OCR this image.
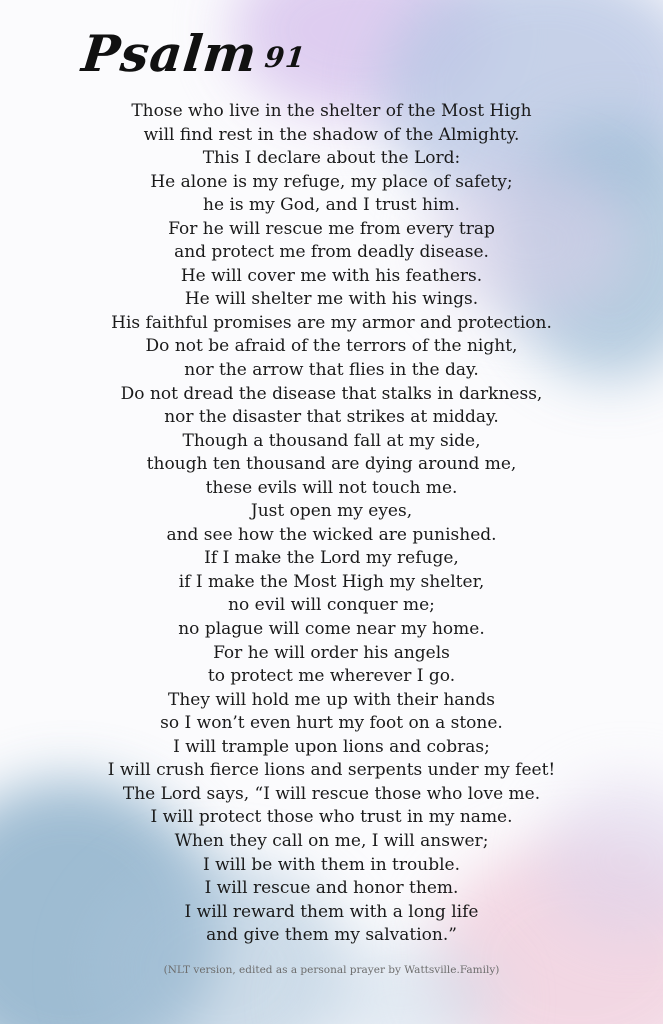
Psalm91
Those who live in the shelter of the Most High
will find rest in the shadow of the Almighty.
This I declare about the Lord:
He alone is my refuge, my place of safety;
he is my God, and I trust him.
For he will rescue me from every trap
and protect me from deadly disease.
He will cover me with his feathers.
He will shelter me with his wings.
His faithful promises are my armor and protection.
Do not be afraid of the terrors of the night,
nor the arrow that flies in the day.
Do not dread the disease that stalks in darkness,
nor the disaster that strikes at midday.
Though a thousand fall at my side,
though ten thousand are dying around me,
these evils will not touch me.
Just open my eyes,
and see how the wicked are punished.
If I make the Lord my refuge,
if I make the Most High my shelter,
no evil will conquer me;
no plague will come near my home.
For he will order his angels
to protect me wherever I go.
They will hold me up with their hands
so I won’t even hurt my foot on a stone.
I will trample upon lions and cobras;
I will crush fierce lions and serpents under my feet!
The Lord says, “I will rescue those who love me.
I will protect those who trust in my name.
When they call on me, I will answer;
I will be with them in trouble.
I will rescue and honor them.
I will reward them with a long life
and give them my salvation.”
(NLT version, edited as a personal prayer by Wattsville.Family)
